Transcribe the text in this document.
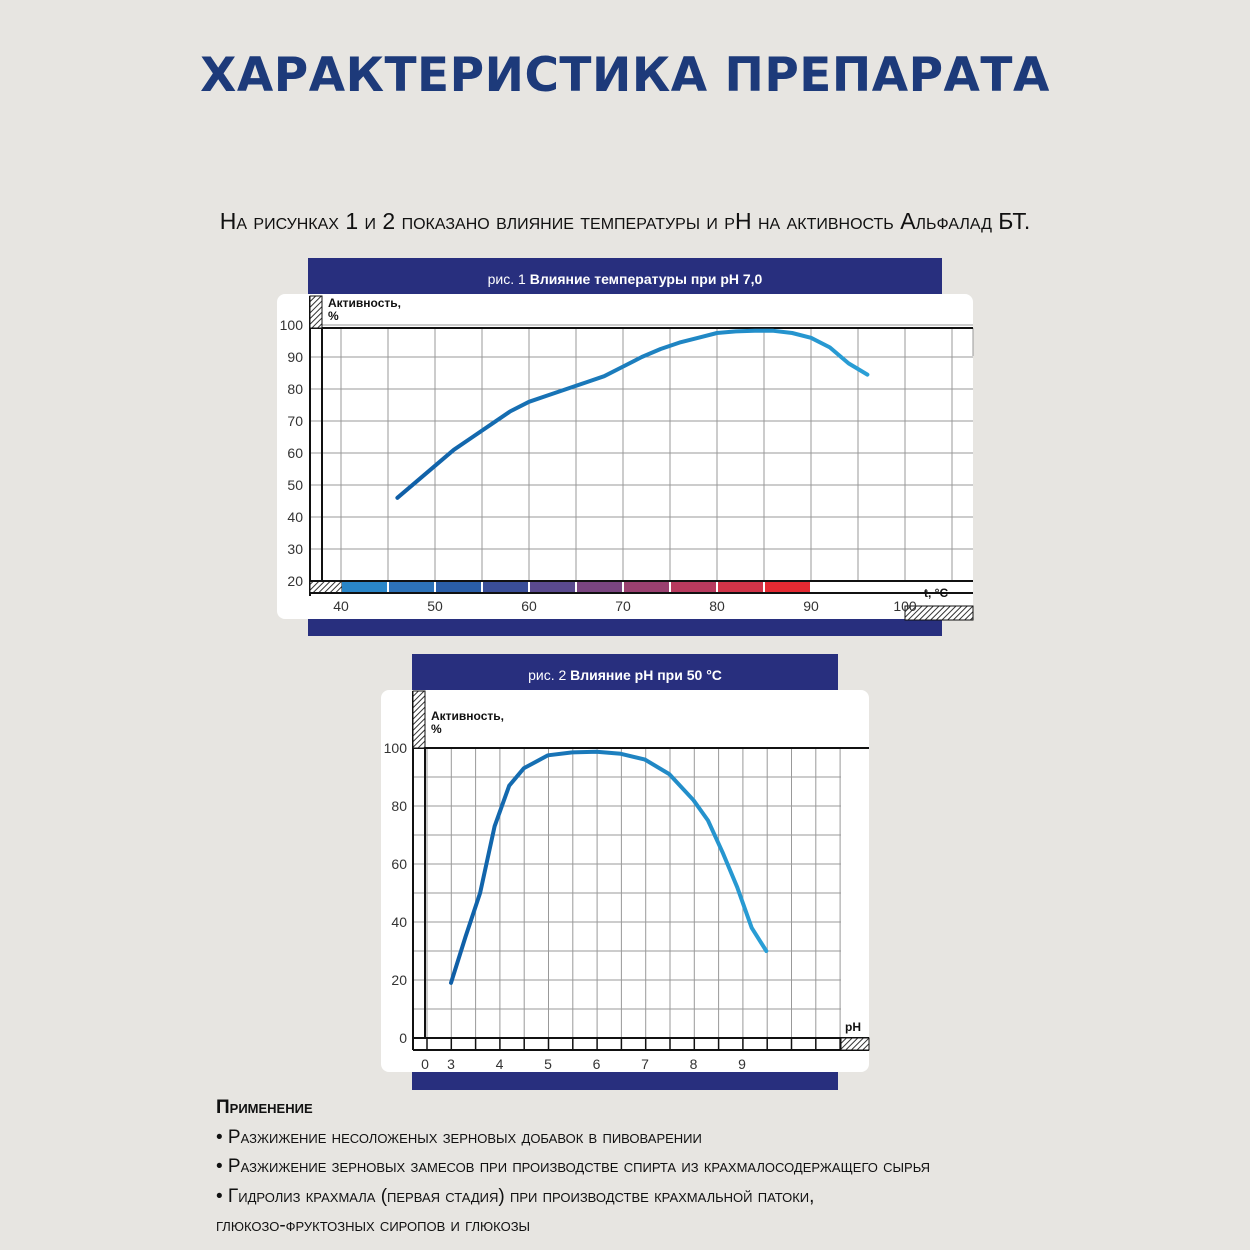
ХАРАКТЕРИСТИКА ПРЕПАРАТА
На рисунках 1 и 2 показано влияние температуры и pH на активность Альфалад БТ.
рис. 1 Влияние температуры при pH 7,0
40	50	60	70	80	90	100
20
30
40
50
60
70
80
90
100
Активность,
%
t, °C
рис. 2 Влияние pH при 50 °C
0 3	4	5	6	7	8	9
0
20
40
60
80
100
Активность,
%
pH
Применение
• Разжижение несоложеных зерновых добавок в пивоварении
• Разжижение зерновых замесов при производстве спирта из крахмалосодержащего сырья
• Гидролиз крахмала (первая стадия) при производстве крахмальной патоки,
глюкозо-фруктозных сиропов и глюкозы
